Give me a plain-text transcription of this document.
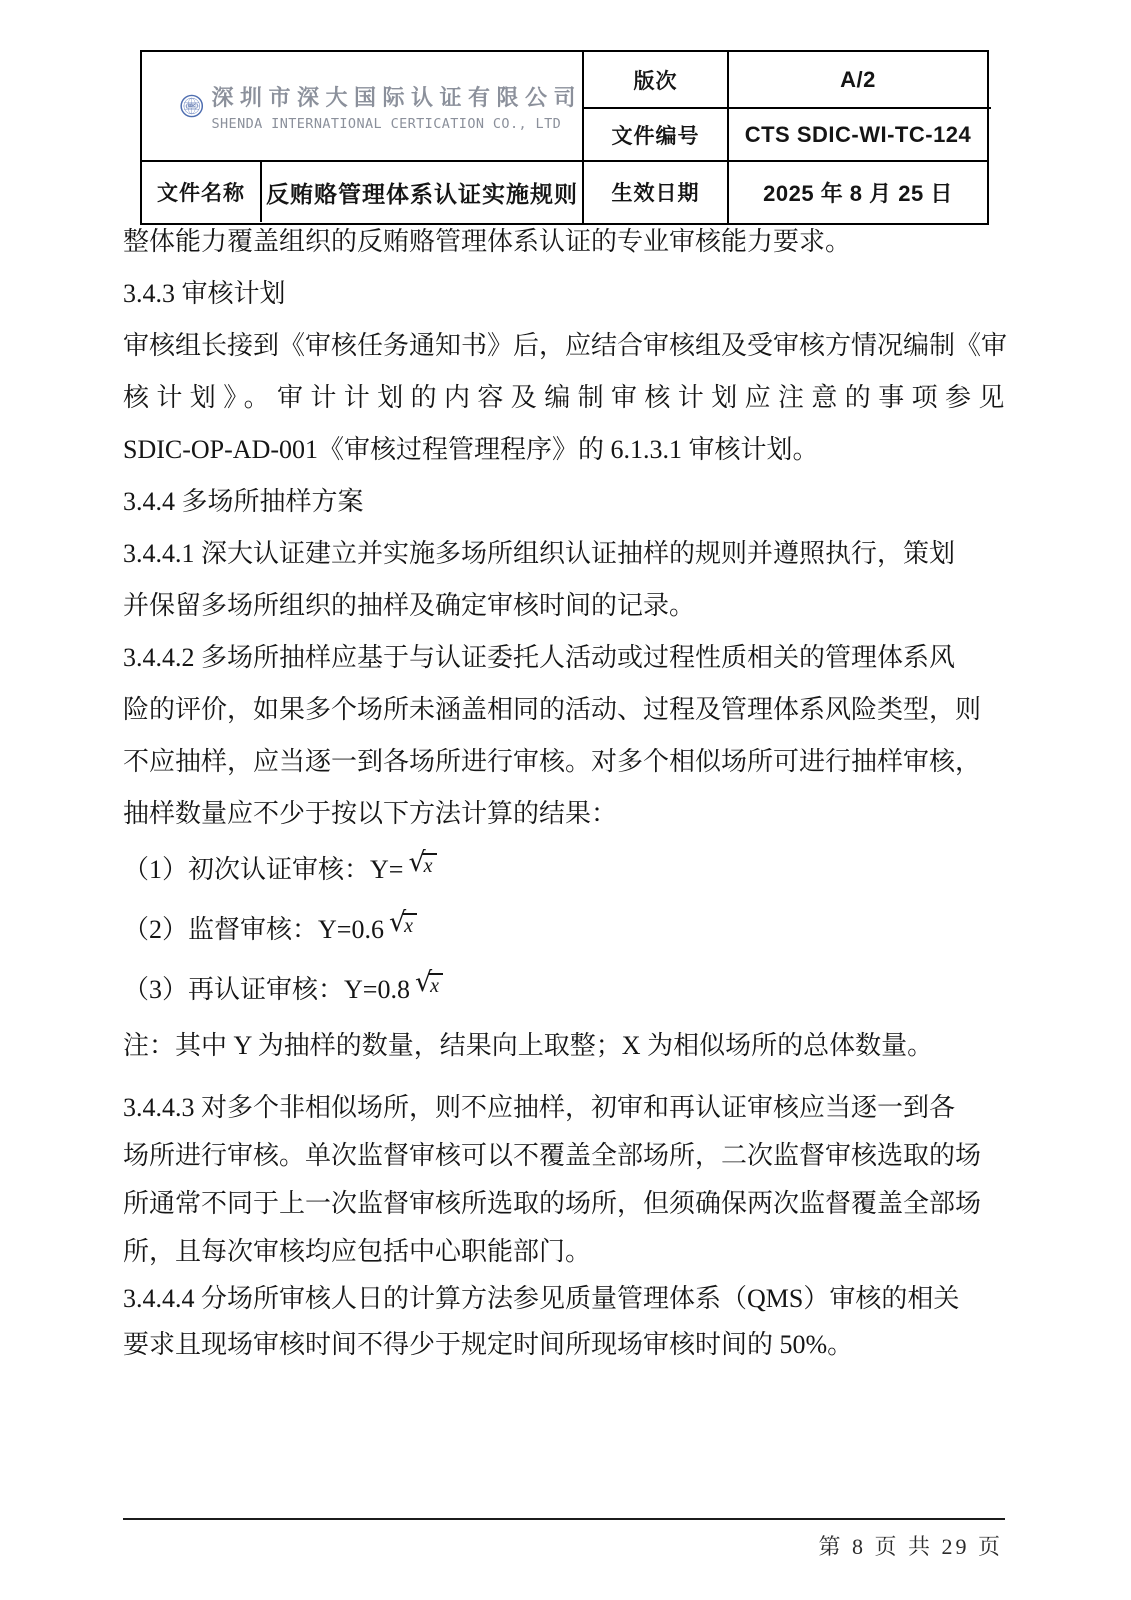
SDIC 深圳市深大国际认证有限公司
SHENDA INTERNATIONAL CERTICATION CO., LTD
版次	A/2
文件编号	CTS SDIC-WI-TC-124
文件名称 反贿赂管理体系认证实施规则	生效日期	2025 年 8 月 25 日
整体能力覆盖组织的反贿赂管理体系认证的专业审核能力要求。
3.4.3 审核计划
审核组长接到《审核任务通知书》后，应结合审核组及受审核方情况编制《审
核计划》。审计计划的内容及编制审核计划应注意的事项参见
SDIC-OP-AD-001《审核过程管理程序》的 6.1.3.1 审核计划。
3.4.4 多场所抽样方案
3.4.4.1 深大认证建立并实施多场所组织认证抽样的规则并遵照执行，策划
并保留多场所组织的抽样及确定审核时间的记录。
3.4.4.2 多场所抽样应基于与认证委托人活动或过程性质相关的管理体系风
险的评价，如果多个场所未涵盖相同的活动、过程及管理体系风险类型，则
不应抽样，应当逐一到各场所进行审核。对多个相似场所可进行抽样审核，
抽样数量应不少于按以下方法计算的结果：
（1）初次认证审核：Y= √x
（2）监督审核：Y=0.6 √x
（3）再认证审核：Y=0.8 √x
注：其中 Y 为抽样的数量，结果向上取整；X 为相似场所的总体数量。
3.4.4.3 对多个非相似场所，则不应抽样，初审和再认证审核应当逐一到各
场所进行审核。单次监督审核可以不覆盖全部场所，二次监督审核选取的场
所通常不同于上一次监督审核所选取的场所，但须确保两次监督覆盖全部场
所，且每次审核均应包括中心职能部门。
3.4.4.4 分场所审核人日的计算方法参见质量管理体系（QMS）审核的相关
要求且现场审核时间不得少于规定时间所现场审核时间的 50%。
第 8 页 共 29 页
